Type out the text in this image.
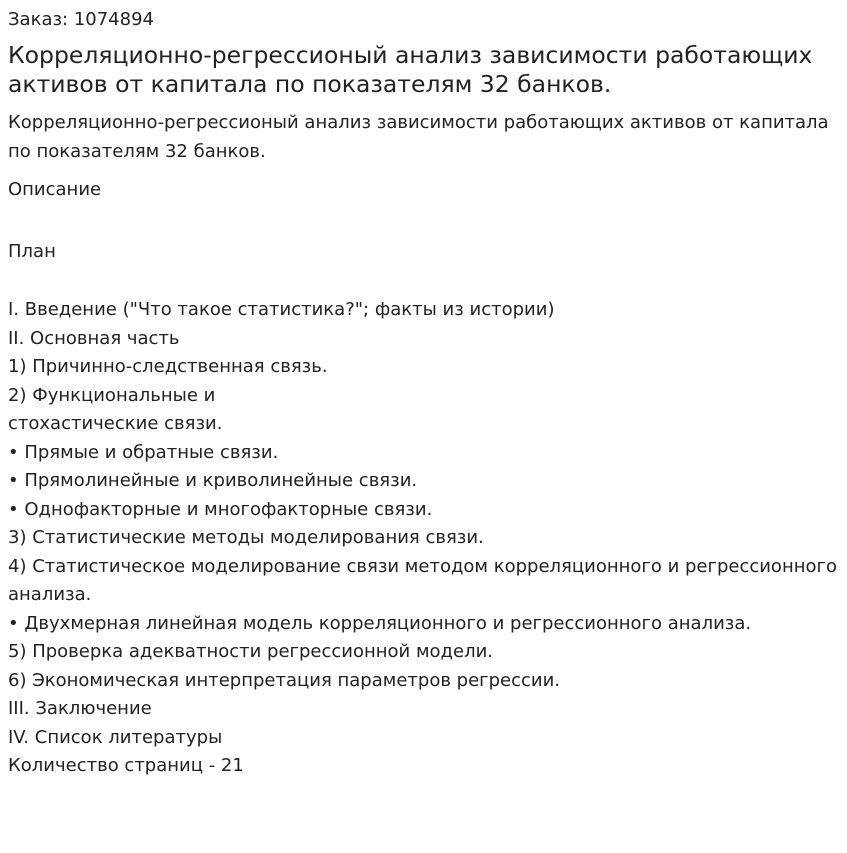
Заказ: 1074894
Корреляционно-регрессионый анализ зависимости работающих активов от капитала по показателям 32 банков.

Корреляционно-регрессионый анализ зависимости работающих активов от капитала по показателям 32 банков.

Описание
План
I. Введение ("Что такое статистика?"; факты из истории)
II. Основная часть
1) Причинно-следственная связь.
2) Функциональные и
стохастические связи.
• Прямые и обратные связи.
• Прямолинейные и криволинейные связи.
• Однофакторные и многофакторные связи.
3) Статистические методы моделирования связи.
4) Статистическое моделирование связи методом корреляционного и регрессионного анализа.
• Двухмерная линейная модель корреляционного и регрессионного анализа.
5) Проверка адекватности регрессионной модели.
6) Экономическая интерпретация параметров регрессии.
III. Заключение
IV. Список литературы
Количество страниц - 21
